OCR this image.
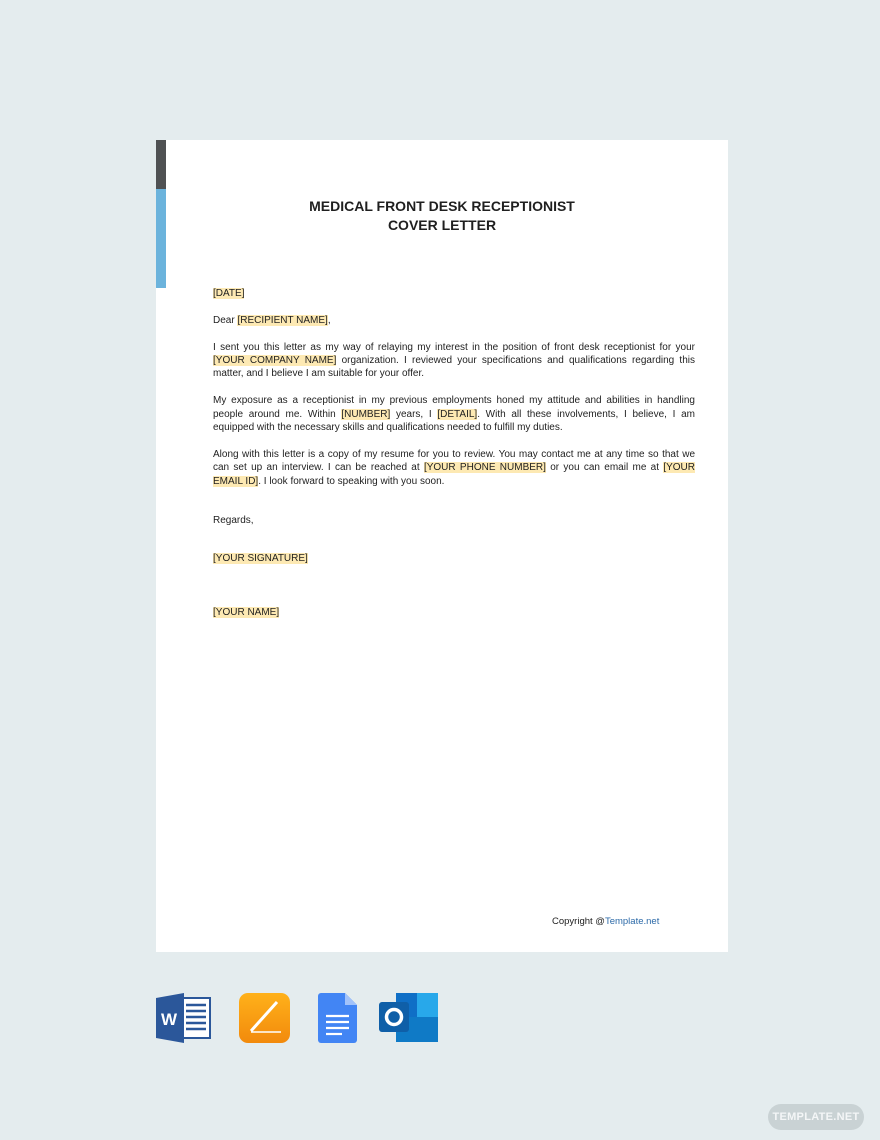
MEDICAL FRONT DESK RECEPTIONIST
COVER LETTER

[DATE]

Dear [RECIPIENT NAME],

I sent you this letter as my way of relaying my interest in the position of front desk receptionist for your [YOUR COMPANY NAME] organization. I reviewed your specifications and qualifications regarding this matter, and I believe I am suitable for your offer.

My exposure as a receptionist in my previous employments honed my attitude and abilities in handling people around me. Within [NUMBER] years, I [DETAIL]. With all these involvements, I believe, I am equipped with the necessary skills and qualifications needed to fulfill my duties.

Along with this letter is a copy of my resume for you to review. You may contact me at any time so that we can set up an interview. I can be reached at [YOUR PHONE NUMBER] or you can email me at [YOUR EMAIL ID]. I look forward to speaking with you soon.

Regards,

[YOUR SIGNATURE]

[YOUR NAME]

Copyright @Template.net
W
TEMPLATE.NET
